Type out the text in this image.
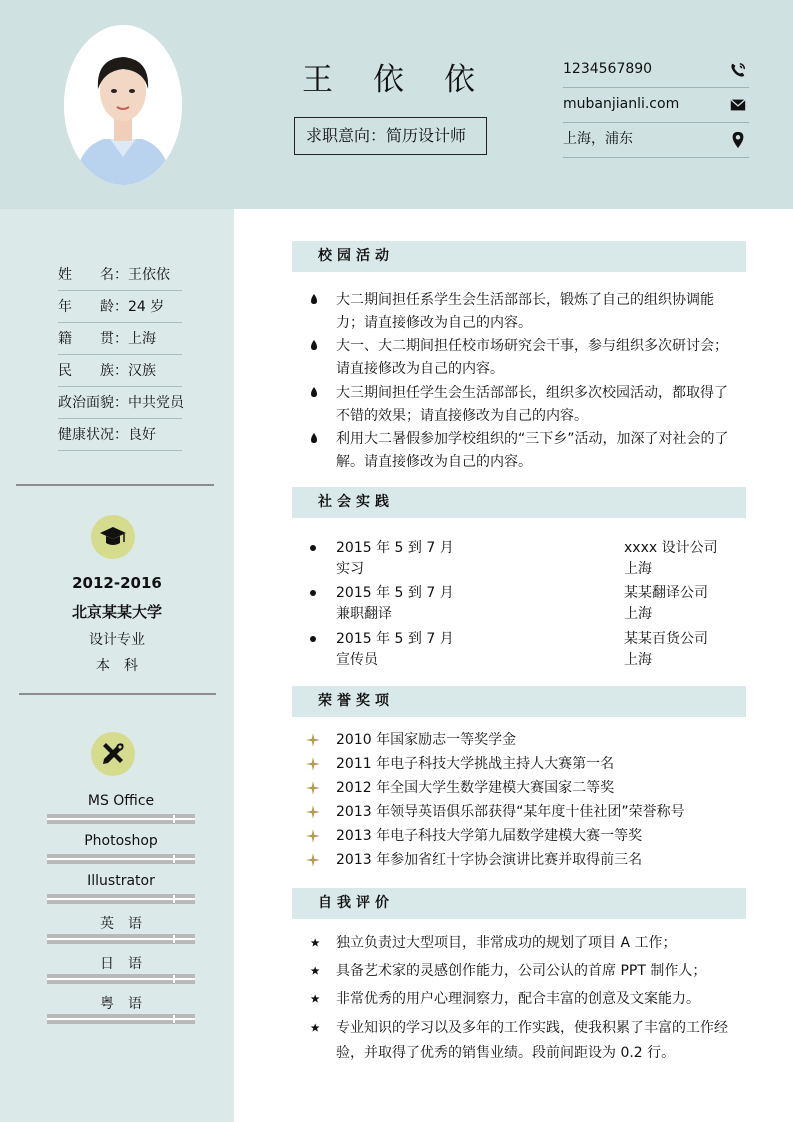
王依依
求职意向：简历设计师
1234567890
mubanjianli.com
上海，浦东
姓　　名：王依依
年　　龄：24 岁
籍　　贯：上海
民　　族：汉族
政治面貌：中共党员
健康状况：良好
2012-2016
北京某某大学
设计专业
本　科
MS Office
Photoshop
Illustrator
英　语
日　语
粤　语
校园活动
大二期间担任系学生会生活部部长，锻炼了自己的组织协调能力；请直接修改为自己的内容。
大一、大二期间担任校市场研究会干事，参与组织多次研讨会；请直接修改为自己的内容。
大三期间担任学生会生活部部长，组织多次校园活动，都取得了不错的效果；请直接修改为自己的内容。
利用大二暑假参加学校组织的“三下乡”活动，加深了对社会的了解。请直接修改为自己的内容。
社会实践
2015 年 5 到 7 月
实习
xxxx 设计公司
上海
2015 年 5 到 7 月
兼职翻译
某某翻译公司
上海
2015 年 5 到 7 月
宣传员
某某百货公司
上海
荣誉奖项
2010 年国家励志一等奖学金
2011 年电子科技大学挑战主持人大赛第一名
2012 年全国大学生数学建模大赛国家二等奖
2013 年领导英语俱乐部获得“某年度十佳社团”荣誉称号
2013 年电子科技大学第九届数学建模大赛一等奖
2013 年参加省红十字协会演讲比赛并取得前三名
自我评价
独立负责过大型项目，非常成功的规划了项目 A 工作；
具备艺术家的灵感创作能力，公司公认的首席 PPT 制作人；
非常优秀的用户心理洞察力，配合丰富的创意及文案能力。
专业知识的学习以及多年的工作实践，使我积累了丰富的工作经验，并取得了优秀的销售业绩。段前间距设为 0.2 行。
